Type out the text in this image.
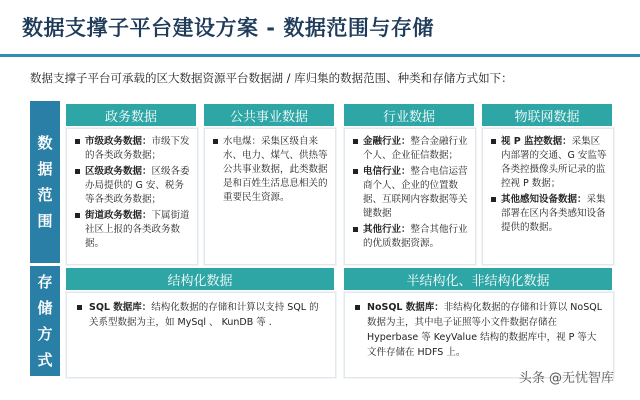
数据支撑子平台建设方案 - 数据范围与存储
数据支撑子平台可承载的区大数据资源平台数据湖 / 库归集的数据范围、种类和存储方式如下：
数据范围
政务数据
市级政务数据：市级下发的各类政务数据；
区级政务数据：区级各委办局提供的 G 安、税务等各类政务数据；
街道政务数据：下属街道社区上报的各类政务数据。
公共事业数据
水电煤：采集区级自来水、电力、煤气、供热等公共事业数据，此类数据是和百姓生活息息相关的重要民生资源。
行业数据
金融行业：整合金融行业个人、企业征信数据；
电信行业：整合电信运营商个人、企业的位置数据、互联网内容数据等关键数据
其他行业：整合其他行业的优质数据资源。
物联网数据
视 P 监控数据：采集区内部署的交通、G 安监等各类控摄像头所记录的监控视 P 数据；
其他感知设备数据：采集部署在区内各类感知设备提供的数据。
存储方式
结构化数据
SQL 数据库：结构化数据的存储和计算以支持 SQL 的关系型数据为主，如 MySql 、 KunDB 等 .
半结构化、非结构化数据
NoSQL 数据库：非结构化数据的存储和计算以 NoSQL 数据为主，其中电子证照等小文件数据存储在 Hyperbase 等 KeyValue 结构的数据库中，视 P 等大文件存储在 HDFS 上。
头条 @无忧智库
